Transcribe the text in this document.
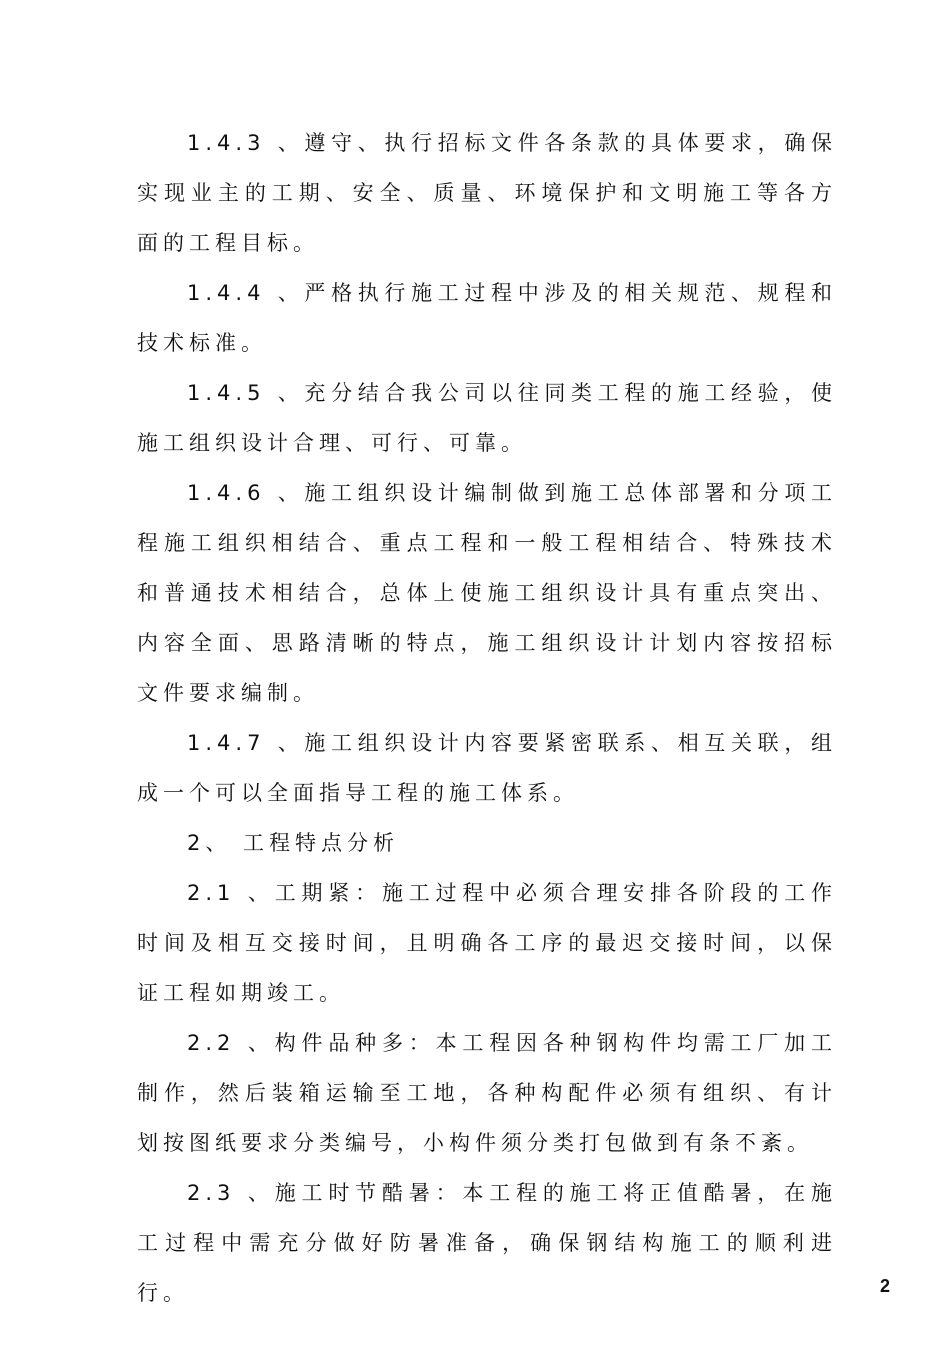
1.4.3 、遵守、执行招标文件各条款的具体要求，确保实现业主的工期、安全、质量、环境保护和文明施工等各方面的工程目标。

1.4.4 、严格执行施工过程中涉及的相关规范、规程和技术标准。

1.4.5 、充分结合我公司以往同类工程的施工经验，使施工组织设计合理、可行、可靠。

1.4.6 、施工组织设计编制做到施工总体部署和分项工程施工组织相结合、重点工程和一般工程相结合、特殊技术和普通技术相结合，总体上使施工组织设计具有重点突出、内容全面、思路清晰的特点，施工组织设计计划内容按招标文件要求编制。

1.4.7 、施工组织设计内容要紧密联系、相互关联，组成一个可以全面指导工程的施工体系。

2、 工程特点分析

2.1 、工期紧：施工过程中必须合理安排各阶段的工作时间及相互交接时间，且明确各工序的最迟交接时间，以保证工程如期竣工。

2.2 、构件品种多：本工程因各种钢构件均需工厂加工制作，然后装箱运输至工地，各种构配件必须有组织、有计划按图纸要求分类编号，小构件须分类打包做到有条不紊。

2.3 、施工时节酷暑：本工程的施工将正值酷暑，在施工过程中需充分做好防暑准备，确保钢结构施工的顺利进行。	2
